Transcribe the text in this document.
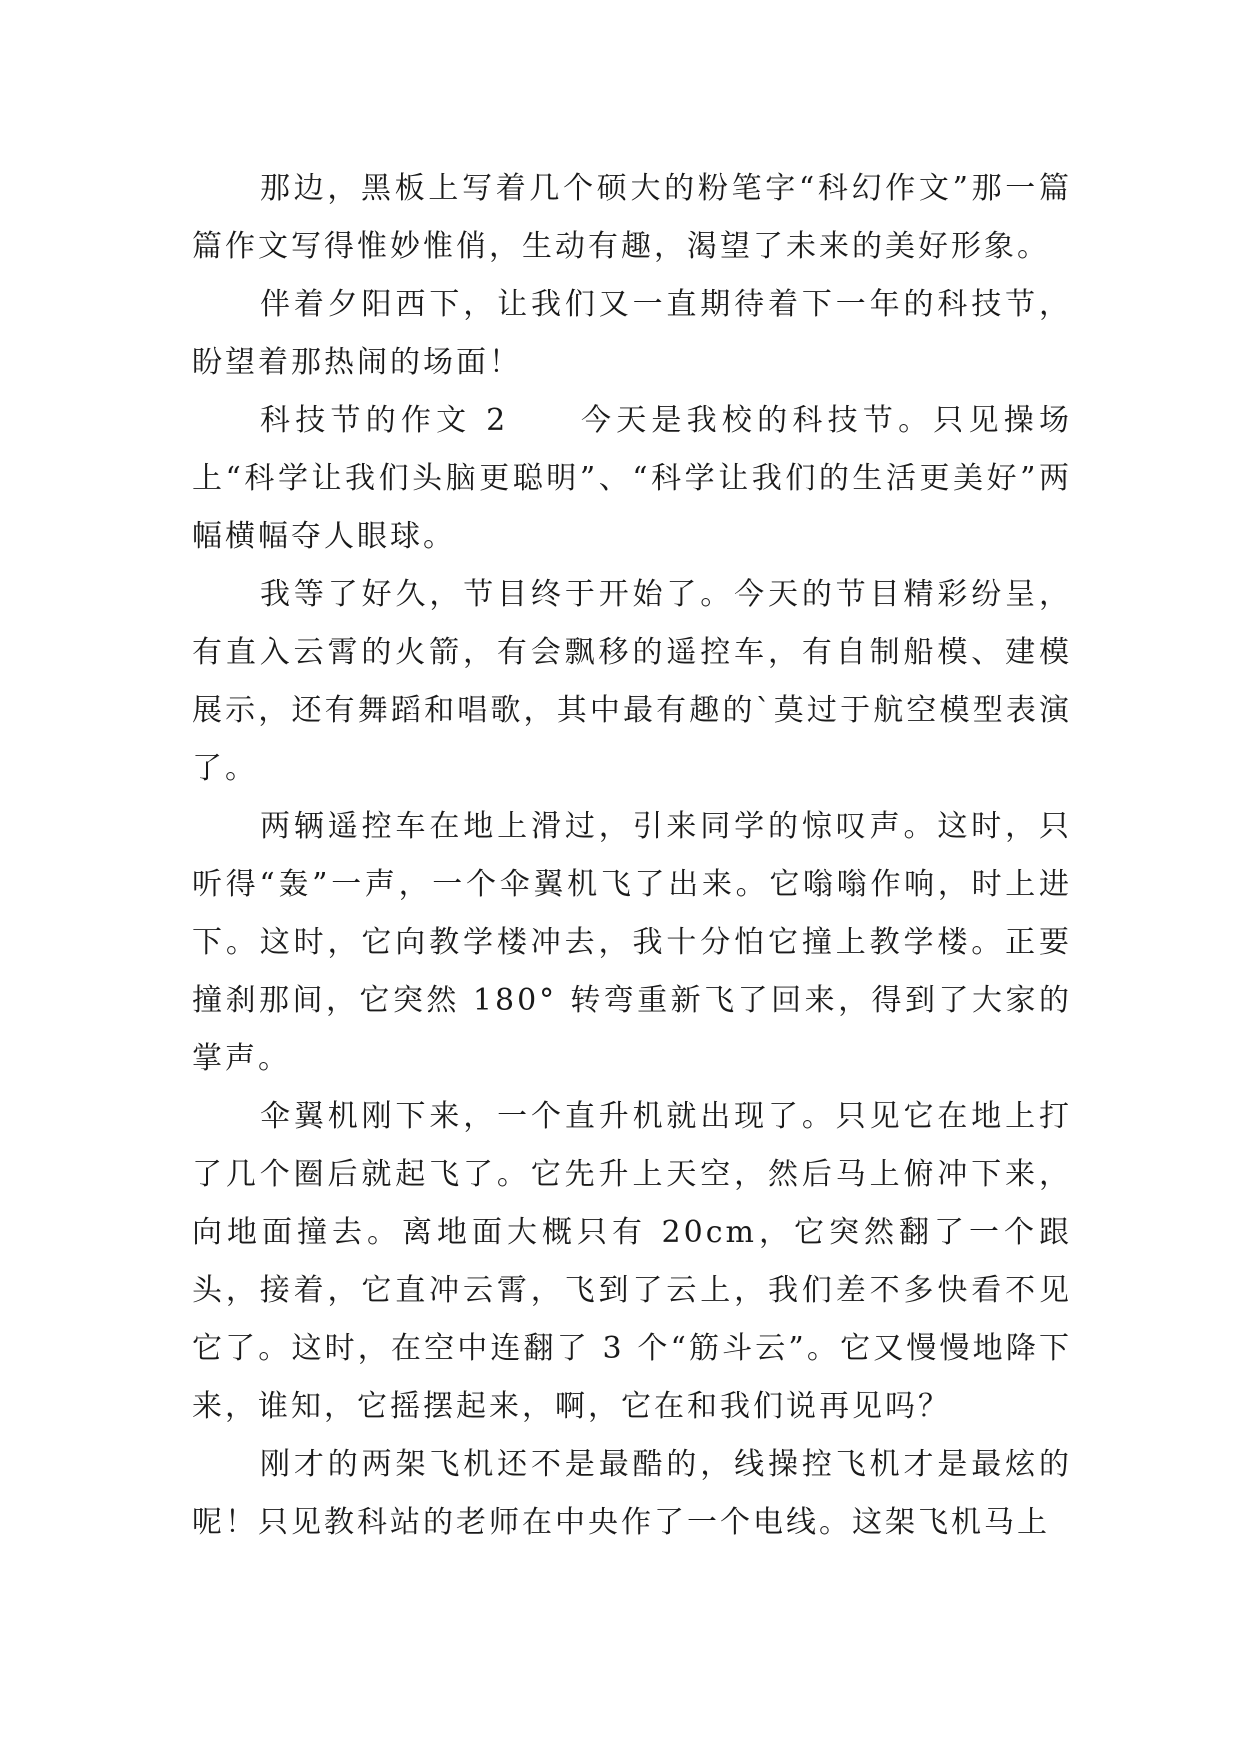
那边，黑板上写着几个硕大的粉笔字“科幻作文”那一篇篇作文写得惟妙惟俏，生动有趣，渴望了未来的美好形象。

伴着夕阳西下，让我们又一直期待着下一年的科技节，盼望着那热闹的场面！

科技节的作文 2　　今天是我校的科技节。只见操场上“科学让我们头脑更聪明”、“科学让我们的生活更美好”两幅横幅夺人眼球。

我等了好久，节目终于开始了。今天的节目精彩纷呈，有直入云霄的火箭，有会飘移的遥控车，有自制船模、建模展示，还有舞蹈和唱歌，其中最有趣的`莫过于航空模型表演了。

两辆遥控车在地上滑过，引来同学的惊叹声。这时，只听得“轰”一声，一个伞翼机飞了出来。它嗡嗡作响，时上进下。这时，它向教学楼冲去，我十分怕它撞上教学楼。正要撞刹那间，它突然 180° 转弯重新飞了回来，得到了大家的掌声。

伞翼机刚下来，一个直升机就出现了。只见它在地上打了几个圈后就起飞了。它先升上天空，然后马上俯冲下来，向地面撞去。离地面大概只有 20cm，它突然翻了一个跟头，接着，它直冲云霄，飞到了云上，我们差不多快看不见它了。这时，在空中连翻了 3 个“筋斗云”。它又慢慢地降下来，谁知，它摇摆起来，啊，它在和我们说再见吗？

刚才的两架飞机还不是最酷的，线操控飞机才是最炫的呢！只见教科站的老师在中央作了一个电线。这架飞机马上
